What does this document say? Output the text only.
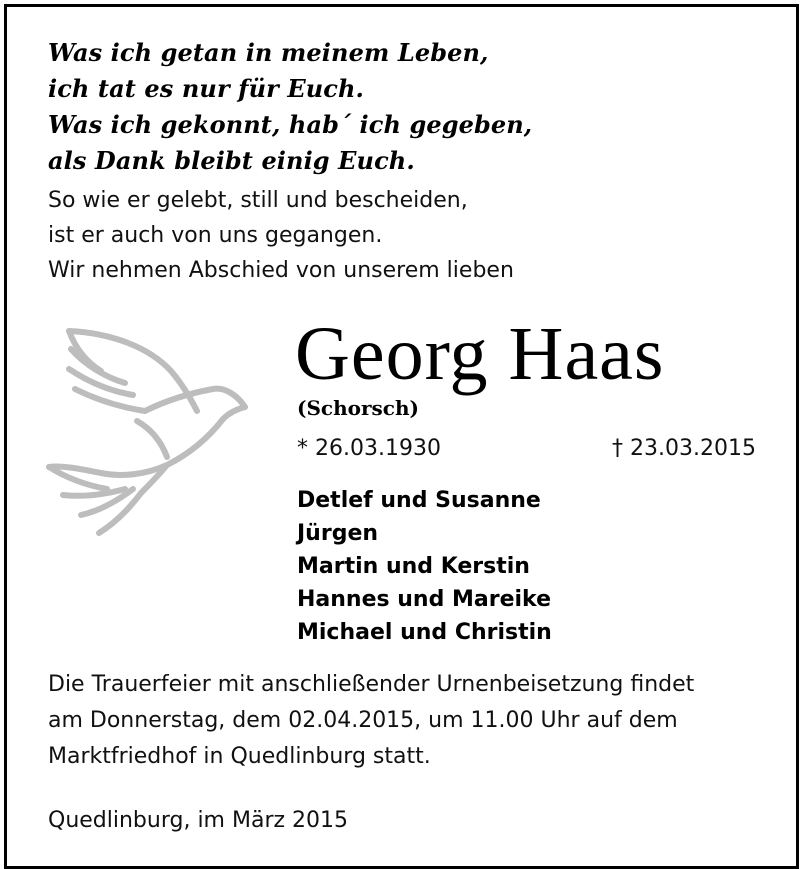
Was ich getan in meinem Leben,
ich tat es nur für Euch.
Was ich gekonnt, hab´ ich gegeben,
als Dank bleibt einig Euch.
So wie er gelebt, still und bescheiden,
ist er auch von uns gegangen.
Wir nehmen Abschied von unserem lieben
Georg Haas
(Schorsch)
* 26.03.1930	† 23.03.2015
Detlef und Susanne
Jürgen
Martin und Kerstin
Hannes und Mareike
Michael und Christin
Die Trauerfeier mit anschließender Urnenbeisetzung findet
am Donnerstag, dem 02.04.2015, um 11.00 Uhr auf dem
Marktfriedhof in Quedlinburg statt.
Quedlinburg, im März 2015
